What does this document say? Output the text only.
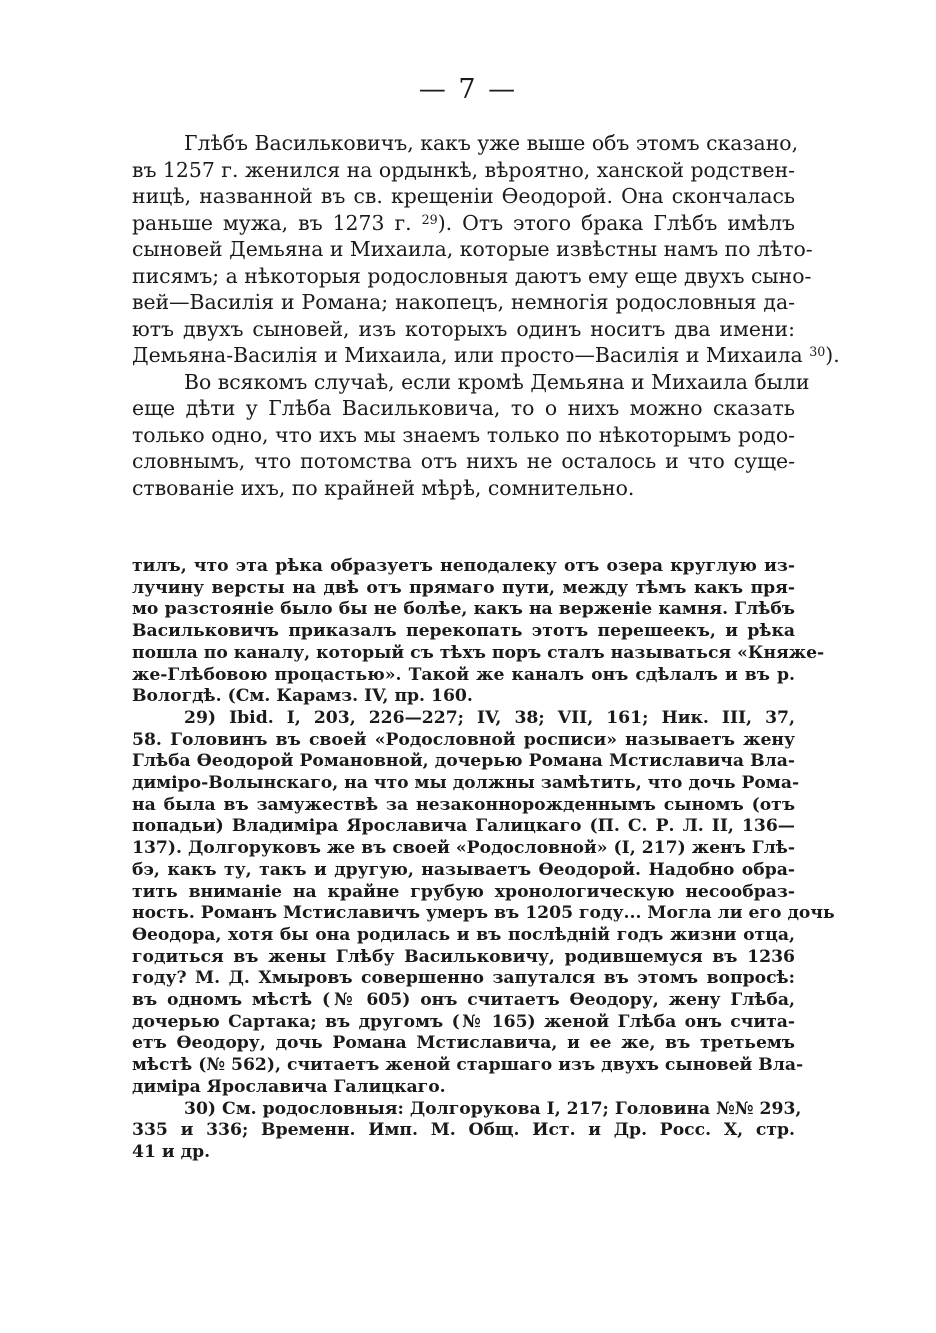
— 7 —
Глѣбъ Васильковичъ, какъ уже выше объ этомъ сказано,
въ 1257 г. женился на ордынкѣ, вѣроятно, ханской родствен-
ницѣ, названной въ св. крещеніи Ѳеодорой. Она скончалась
раньше мужа, въ 1273 г. $^{29}$). Отъ этого брака Глѣбъ имѣлъ
сыновей Демьяна и Михаила, которые извѣстны намъ по лѣто-
писямъ; а нѣкоторыя родословныя даютъ ему еще двухъ сыно-
вей—Василія и Романа; накопецъ, немногія родословныя да-
ютъ двухъ сыновей, изъ которыхъ одинъ носитъ два имени:
Демьяна-Василія и Михаила, или просто—Василія и Михаила $^{30}$).
Во всякомъ случаѣ, если кромѣ Демьяна и Михаила были
еще дѣти у Глѣба Васильковича, то о нихъ можно сказать
только одно, что ихъ мы знаемъ только по нѣкоторымъ родо-
словнымъ, что потомства отъ нихъ не осталось и что суще-
ствованіе ихъ, по крайней мѣрѣ, сомнительно.
тилъ, что эта рѣка образуетъ неподалеку отъ озера круглую из-
лучину версты на двѣ отъ прямаго пути, между тѣмъ какъ пря-
мо разстояніе было бы не болѣе, какъ на верженіе камня. Глѣбъ
Васильковичъ приказалъ перекопать этотъ перешеекъ, и рѣка
пошла по каналу, который съ тѣхъ поръ сталъ называться «Княже-
же-Глѣбовою процастью». Такой же каналъ онъ сдѣлалъ и въ р.
Вологдѣ. (См. Карамз. IV, пр. 160.
29) Ibid. I, 203, 226—227; IV, 38; VII, 161; Ник. III, 37,
58. Головинъ въ своей «Родословной росписи» называетъ жену
Глѣба Ѳеодорой Романовной, дочерью Романа Мстиславича Вла-
диміро-Волынскаго, на что мы должны замѣтить, что дочь Рома-
на была въ замужествѣ за незаконнорожденнымъ сыномъ (отъ
попадьи) Владиміра Ярославича Галицкаго (П. С. Р. Л. II, 136—
137). Долгоруковъ же въ своей «Родословной» (I, 217) женъ Глѣ-
бэ, какъ ту, такъ и другую, называетъ Ѳеодорой. Надобно обра-
тить вниманіе на крайне грубую хронологическую несообраз-
ность. Романъ Мстиславичъ умеръ въ 1205 году... Могла ли его дочь
Ѳеодора, хотя бы она родилась и въ послѣдній годъ жизни отца,
годиться въ жены Глѣбу Васильковичу, родившемуся въ 1236
году? М. Д. Хмыровъ совершенно запутался въ этомъ вопросѣ:
въ одномъ мѣстѣ (№ 605) онъ считаетъ Ѳеодору, жену Глѣба,
дочерью Сартака; въ другомъ (№ 165) женой Глѣба онъ счита-
етъ Ѳеодору, дочь Романа Мстиславича, и ее же, въ третьемъ
мѣстѣ (№ 562), считаетъ женой старшаго изъ двухъ сыновей Вла-
диміра Ярославича Галицкаго.
30) См. родословныя: Долгорукова I, 217; Головина №№ 293,
335 и 336; Временн. Имп. М. Общ. Ист. и Др. Росс. X, стр.
41 и др.
